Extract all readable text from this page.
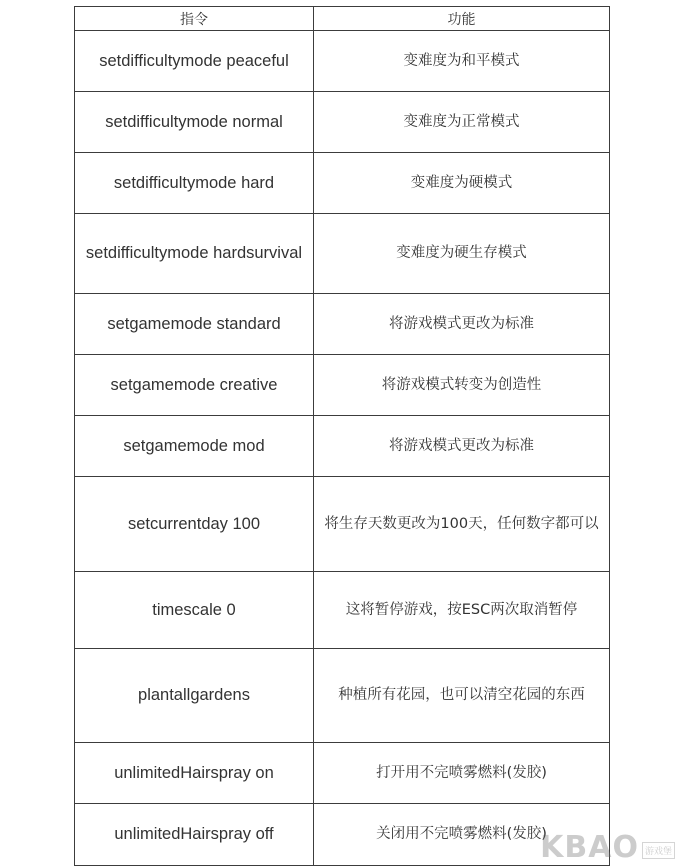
指令	功能
setdifficultymode peaceful	变难度为和平模式
setdifficultymode normal	变难度为正常模式
setdifficultymode hard	变难度为硬模式
setdifficultymode hardsurvival	变难度为硬生存模式
setgamemode standard	将游戏模式更改为标准
setgamemode creative	将游戏模式转变为创造性
setgamemode mod	将游戏模式更改为标准
setcurrentday 100	将生存天数更改为100天，任何数字都可以
timescale 0	这将暂停游戏，按ESC两次取消暂停
plantallgardens	种植所有花园，也可以清空花园的东西
unlimitedHairspray on	打开用不完喷雾燃料(发胶)
unlimitedHairspray off	关闭用不完喷雾燃料(发胶)
KBAO 游戏堡
